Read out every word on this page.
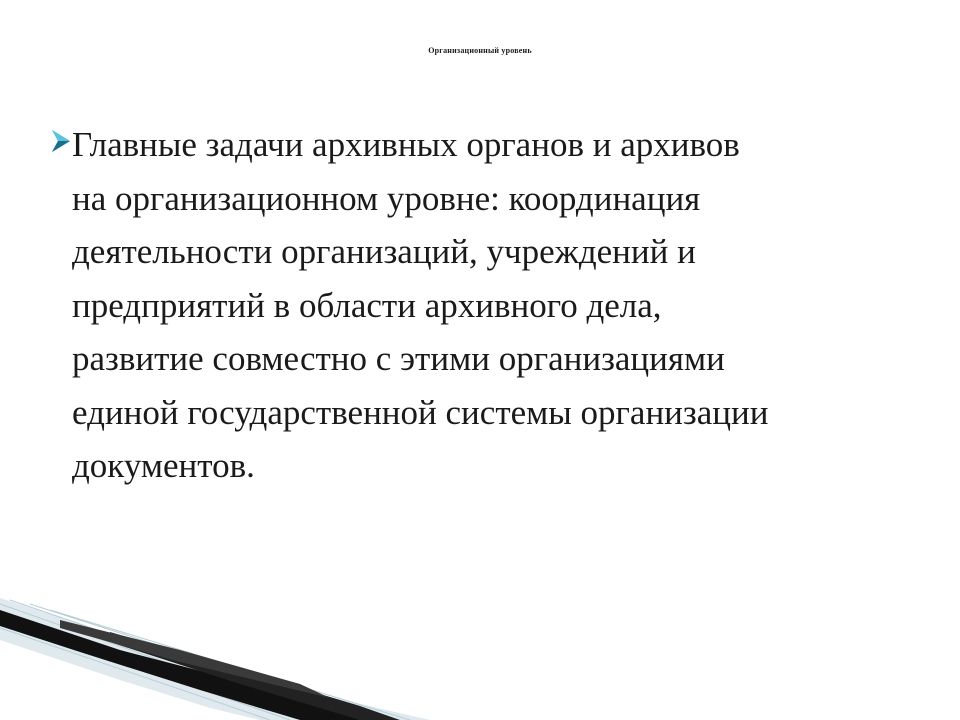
Организационный уровень

Главные задачи архивных органов и архивов
на организационном уровне: координация
деятельности организаций, учреждений и
предприятий в области архивного дела,
развитие совместно с этими организациями
единой государственной системы организации
документов.
